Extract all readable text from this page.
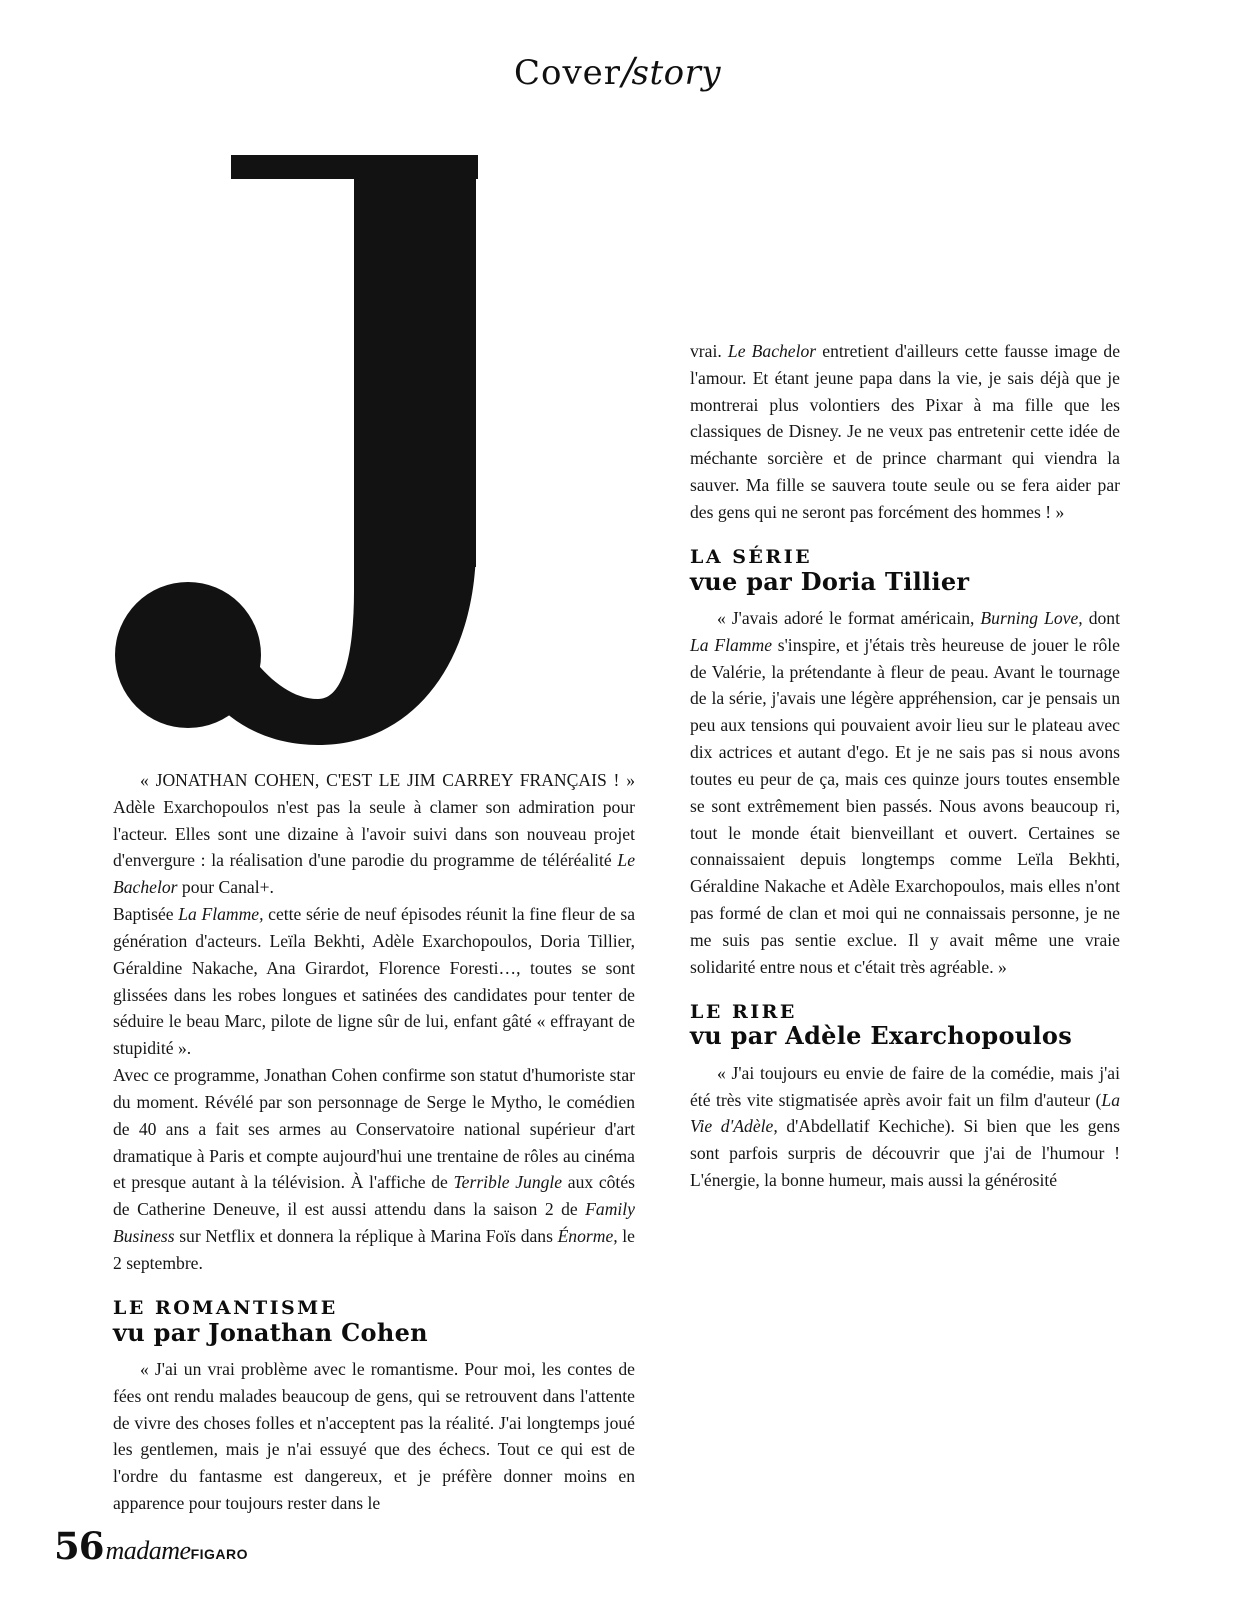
Cover/story

« JONATHAN COHEN, C'EST LE JIM CARREY FRANÇAIS ! » Adèle Exarchopoulos n'est pas la seule à clamer son admiration pour l'acteur. Elles sont une dizaine à l'avoir suivi dans son nouveau projet d'envergure : la réalisation d'une parodie du programme de téléréalité Le Bachelor pour Canal+.

Baptisée La Flamme, cette série de neuf épisodes réunit la fine fleur de sa génération d'acteurs. Leïla Bekhti, Adèle Exarchopoulos, Doria Tillier, Géraldine Nakache, Ana Girardot, Florence Foresti…, toutes se sont glissées dans les robes longues et satinées des candidates pour tenter de séduire le beau Marc, pilote de ligne sûr de lui, enfant gâté « effrayant de stupidité ».

Avec ce programme, Jonathan Cohen confirme son statut d'humoriste star du moment. Révélé par son personnage de Serge le Mytho, le comédien de 40 ans a fait ses armes au Conservatoire national supérieur d'art dramatique à Paris et compte aujourd'hui une trentaine de rôles au cinéma et presque autant à la télévision. À l'affiche de Terrible Jungle aux côtés de Catherine Deneuve, il est aussi attendu dans la saison 2 de Family Business sur Netflix et donnera la réplique à Marina Foïs dans Énorme, le 2 septembre.

LE ROMANTISME
vu par Jonathan Cohen

« J'ai un vrai problème avec le romantisme. Pour moi, les contes de fées ont rendu malades beaucoup de gens, qui se retrouvent dans l'attente de vivre des choses folles et n'acceptent pas la réalité. J'ai longtemps joué les gentlemen, mais je n'ai essuyé que des échecs. Tout ce qui est de l'ordre du fantasme est dangereux, et je préfère donner moins en apparence pour toujours rester dans le

vrai. Le Bachelor entretient d'ailleurs cette fausse image de l'amour. Et étant jeune papa dans la vie, je sais déjà que je montrerai plus volontiers des Pixar à ma fille que les classiques de Disney. Je ne veux pas entretenir cette idée de méchante sorcière et de prince charmant qui viendra la sauver. Ma fille se sauvera toute seule ou se fera aider par des gens qui ne seront pas forcément des hommes ! »

LA SÉRIE
vue par Doria Tillier

« J'avais adoré le format américain, Burning Love, dont La Flamme s'inspire, et j'étais très heureuse de jouer le rôle de Valérie, la prétendante à fleur de peau. Avant le tournage de la série, j'avais une légère appréhension, car je pensais un peu aux tensions qui pouvaient avoir lieu sur le plateau avec dix actrices et autant d'ego. Et je ne sais pas si nous avons toutes eu peur de ça, mais ces quinze jours toutes ensemble se sont extrêmement bien passés. Nous avons beaucoup ri, tout le monde était bienveillant et ouvert. Certaines se connaissaient depuis longtemps comme Leïla Bekhti, Géraldine Nakache et Adèle Exarchopoulos, mais elles n'ont pas formé de clan et moi qui ne connaissais personne, je ne me suis pas sentie exclue. Il y avait même une vraie solidarité entre nous et c'était très agréable. »

LE RIRE
vu par Adèle Exarchopoulos

« J'ai toujours eu envie de faire de la comédie, mais j'ai été très vite stigmatisée après avoir fait un film d'auteur (La Vie d'Adèle, d'Abdellatif Kechiche). Si bien que les gens sont parfois surpris de découvrir que j'ai de l'humour ! L'énergie, la bonne humeur, mais aussi la générosité

56 madame FIGARO
